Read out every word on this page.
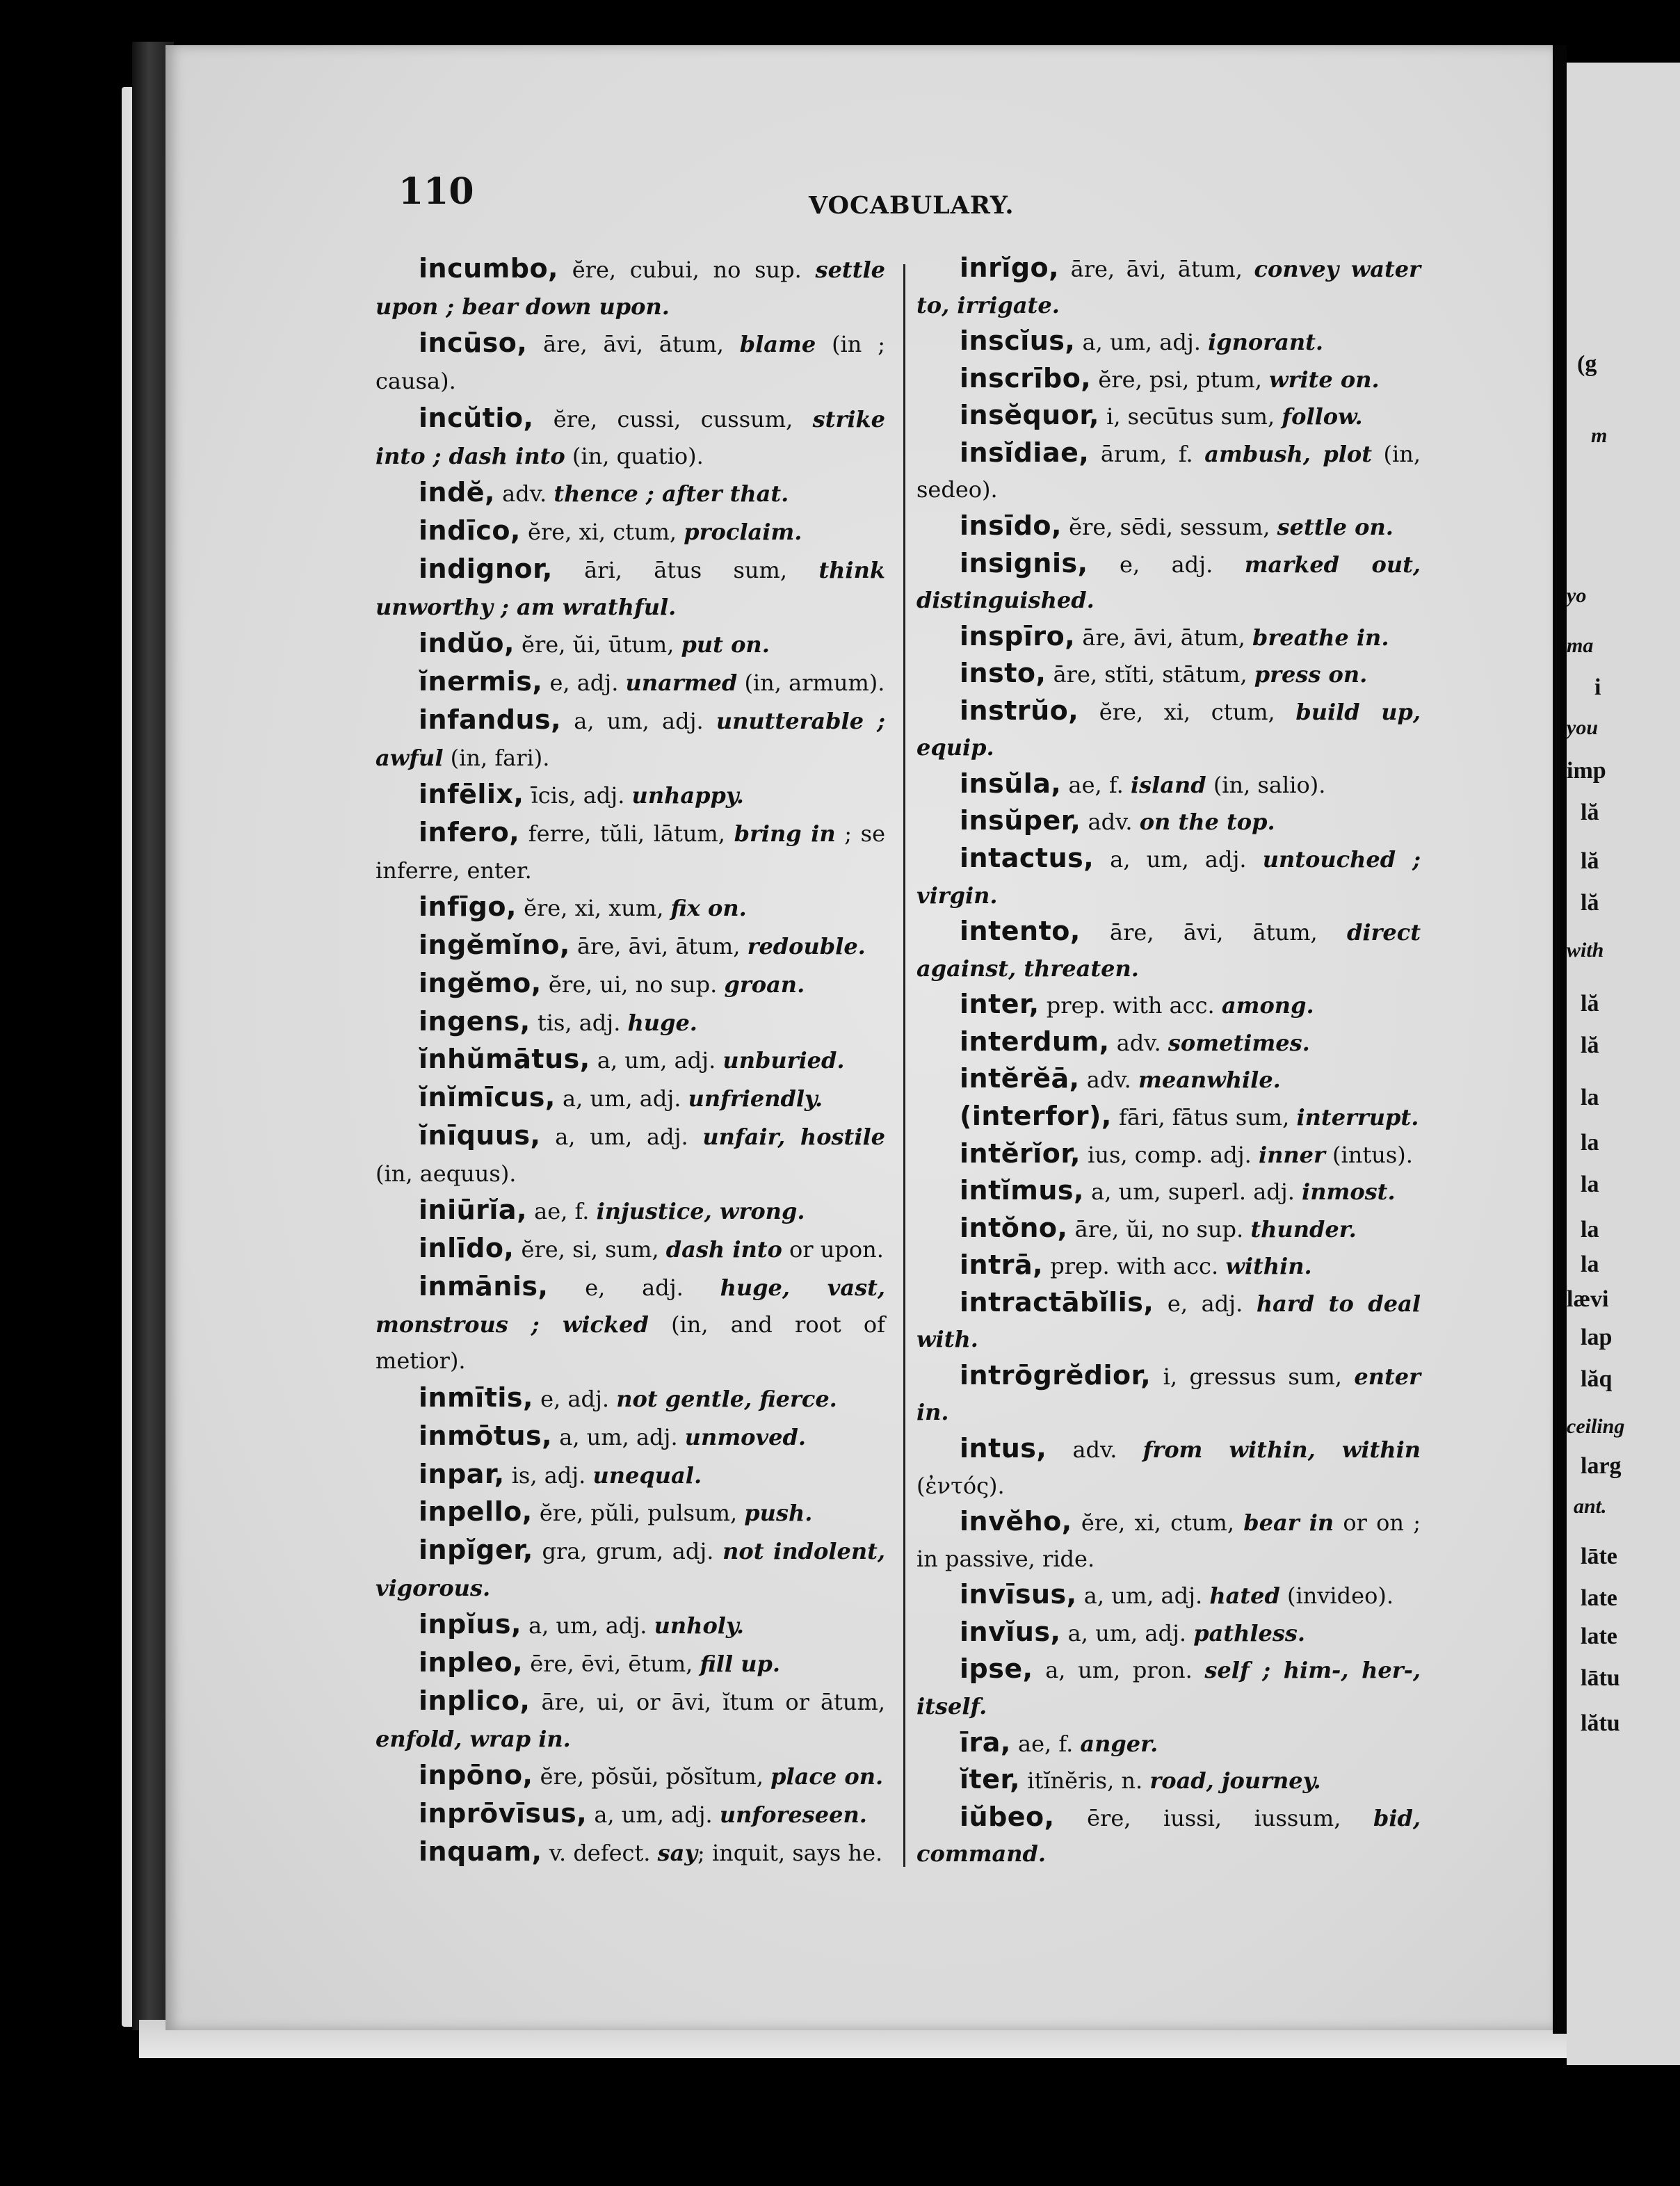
110	VOCABULARY.

incumbo, ĕre, cubui, no sup. settle upon ; bear down upon.

incūso, āre, āvi, ātum, blame (in ; causa).

incŭtio, ĕre, cussi, cussum, strike into ; dash into (in, quatio).

indĕ, adv. thence ; after that.

indīco, ĕre, xi, ctum, proclaim.

indignor, āri, ātus sum, think unworthy ; am wrathful.

indŭo, ĕre, ŭi, ūtum, put on.

ĭnermis, e, adj. unarmed (in, armum).

infandus, a, um, adj. unutterable ; awful (in, fari).

infēlix, īcis, adj. unhappy.

infero, ferre, tŭli, lātum, bring in ; se inferre, enter.

infīgo, ĕre, xi, xum, fix on.

ingĕmĭno, āre, āvi, ātum, redouble.

ingĕmo, ĕre, ui, no sup. groan.

ingens, tis, adj. huge.

ĭnhŭmātus, a, um, adj. unburied.

ĭnĭmīcus, a, um, adj. unfriendly.

ĭnīquus, a, um, adj. unfair, hostile (in, aequus).

iniūrĭa, ae, f. injustice, wrong.

inlīdo, ĕre, si, sum, dash into or upon.

inmānis, e, adj. huge, vast, monstrous ; wicked (in, and root of metior).

inmītis, e, adj. not gentle, fierce.

inmōtus, a, um, adj. unmoved.

inpar, is, adj. unequal.

inpello, ĕre, pŭli, pulsum, push.

inpĭger, gra, grum, adj. not indolent, vigorous.

inpĭus, a, um, adj. unholy.

inpleo, ēre, ēvi, ētum, fill up.

inplico, āre, ui, or āvi, ĭtum or ātum, enfold, wrap in.

inpōno, ĕre, pŏsŭi, pŏsĭtum, place on.

inprōvīsus, a, um, adj. unforeseen.

inquam, v. defect. say; inquit, says he.

inrĭgo, āre, āvi, ātum, convey water to, irrigate.

inscĭus, a, um, adj. ignorant.

inscrībo, ĕre, psi, ptum, write on.

insĕquor, i, secūtus sum, follow.

insĭdiae, ārum, f. ambush, plot (in, sedeo).

insīdo, ĕre, sēdi, sessum, settle on.

insignis, e, adj. marked out, distinguished.

inspīro, āre, āvi, ātum, breathe in.

insto, āre, stĭti, stātum, press on.

instrŭo, ĕre, xi, ctum, build up, equip.

insŭla, ae, f. island (in, salio).

insŭper, adv. on the top.

intactus, a, um, adj. untouched ; virgin.

intento, āre, āvi, ātum, direct against, threaten.

inter, prep. with acc. among.

interdum, adv. sometimes.

intĕrĕā, adv. meanwhile.

(interfor), fāri, fātus sum, interrupt.

intĕrĭor, ius, comp. adj. inner (intus).

intĭmus, a, um, superl. adj. inmost.

intŏno, āre, ŭi, no sup. thunder.

intrā, prep. with acc. within.

intractābĭlis, e, adj. hard to deal with.

intrōgrĕdior, i, gressus sum, enter in.

intus, adv. from within, within (ἐντός).

invĕho, ĕre, xi, ctum, bear in or on ; in passive, ride.

invīsus, a, um, adj. hated (invideo).

invĭus, a, um, adj. pathless.

ipse, a, um, pron. self ; him-, her-, itself.

īra, ae, f. anger.

ĭter, itĭnĕris, n. road, journey.

iŭbeo, ēre, iussi, iussum, bid, command.

(g
m
yo
ma
i
you
imp
lă
lă
lă
with
lă
lă
la
la
la
la
la
lævi
lap
lăq
ceiling
larg
ant.
lāte
late
late
lātu
lătu
